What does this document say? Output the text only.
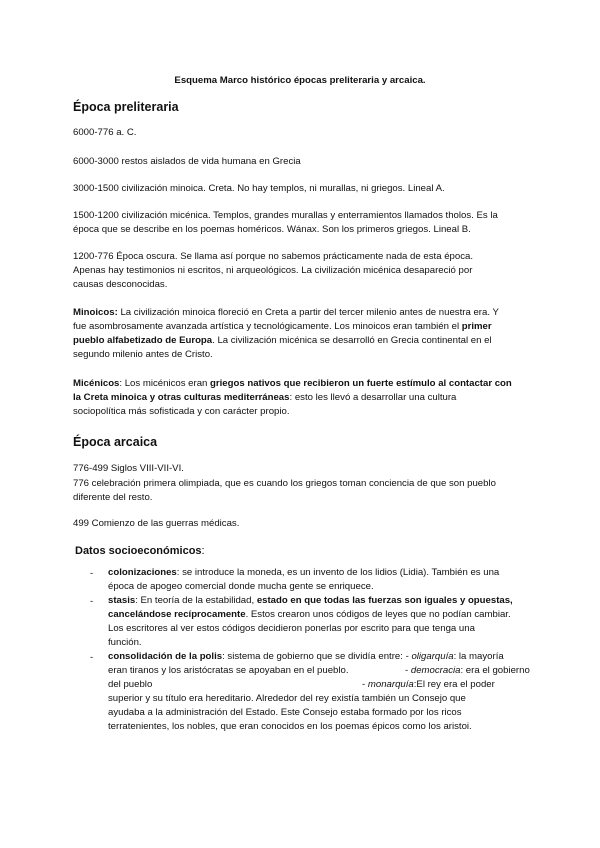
Esquema Marco histórico épocas preliteraria y arcaica.
Época preliteraria
6000-776 a. C.
6000-3000 restos aislados de vida humana en Grecia
3000-1500 civilización minoica. Creta. No hay templos, ni murallas, ni griegos. Lineal A.
1500-1200 civilización micénica. Templos, grandes murallas y enterramientos llamados tholos. Es la
época que se describe en los poemas homéricos. Wánax. Son los primeros griegos. Lineal B.
1200-776 Época oscura. Se llama así porque no sabemos prácticamente nada de esta época.
Apenas hay testimonios ni escritos, ni arqueológicos. La civilización micénica desapareció por
causas desconocidas.
Minoicos: La civilización minoica floreció en Creta a partir del tercer milenio antes de nuestra era. Y
fue asombrosamente avanzada artística y tecnológicamente. Los minoicos eran también el primer
pueblo alfabetizado de Europa. La civilización micénica se desarrolló en Grecia continental en el
segundo milenio antes de Cristo.
Micénicos: Los micénicos eran griegos nativos que recibieron un fuerte estímulo al contactar con
la Creta minoica y otras culturas mediterráneas: esto les llevó a desarrollar una cultura
sociopolítica más sofisticada y con carácter propio.
Época arcaica
776-499 Siglos VIII-VII-VI.
776 celebración primera olimpiada, que es cuando los griegos toman conciencia de que son pueblo
diferente del resto.
499 Comienzo de las guerras médicas.
Datos socioeconómicos:
- colonizaciones: se introduce la moneda, es un invento de los lidios (Lidia). También es una
época de apogeo comercial donde mucha gente se enriquece.
- stasis: En teoría de la estabilidad, estado en que todas las fuerzas son iguales y opuestas,
cancelándose recíprocamente. Estos crearon unos códigos de leyes que no podían cambiar.
Los escritores al ver estos códigos decidieron ponerlas por escrito para que tenga una
función.
- consolidación de la polis: sistema de gobierno que se dividía entre: - oligarquía: la mayoría
eran tiranos y los aristócratas se apoyaban en el pueblo.	- democracia: era el gobierno
del pueblo	- monarquía:El rey era el poder
superior y su título era hereditario. Alrededor del rey existía también un Consejo que
ayudaba a la administración del Estado. Este Consejo estaba formado por los ricos
terratenientes, los nobles, que eran conocidos en los poemas épicos como los aristoi.
